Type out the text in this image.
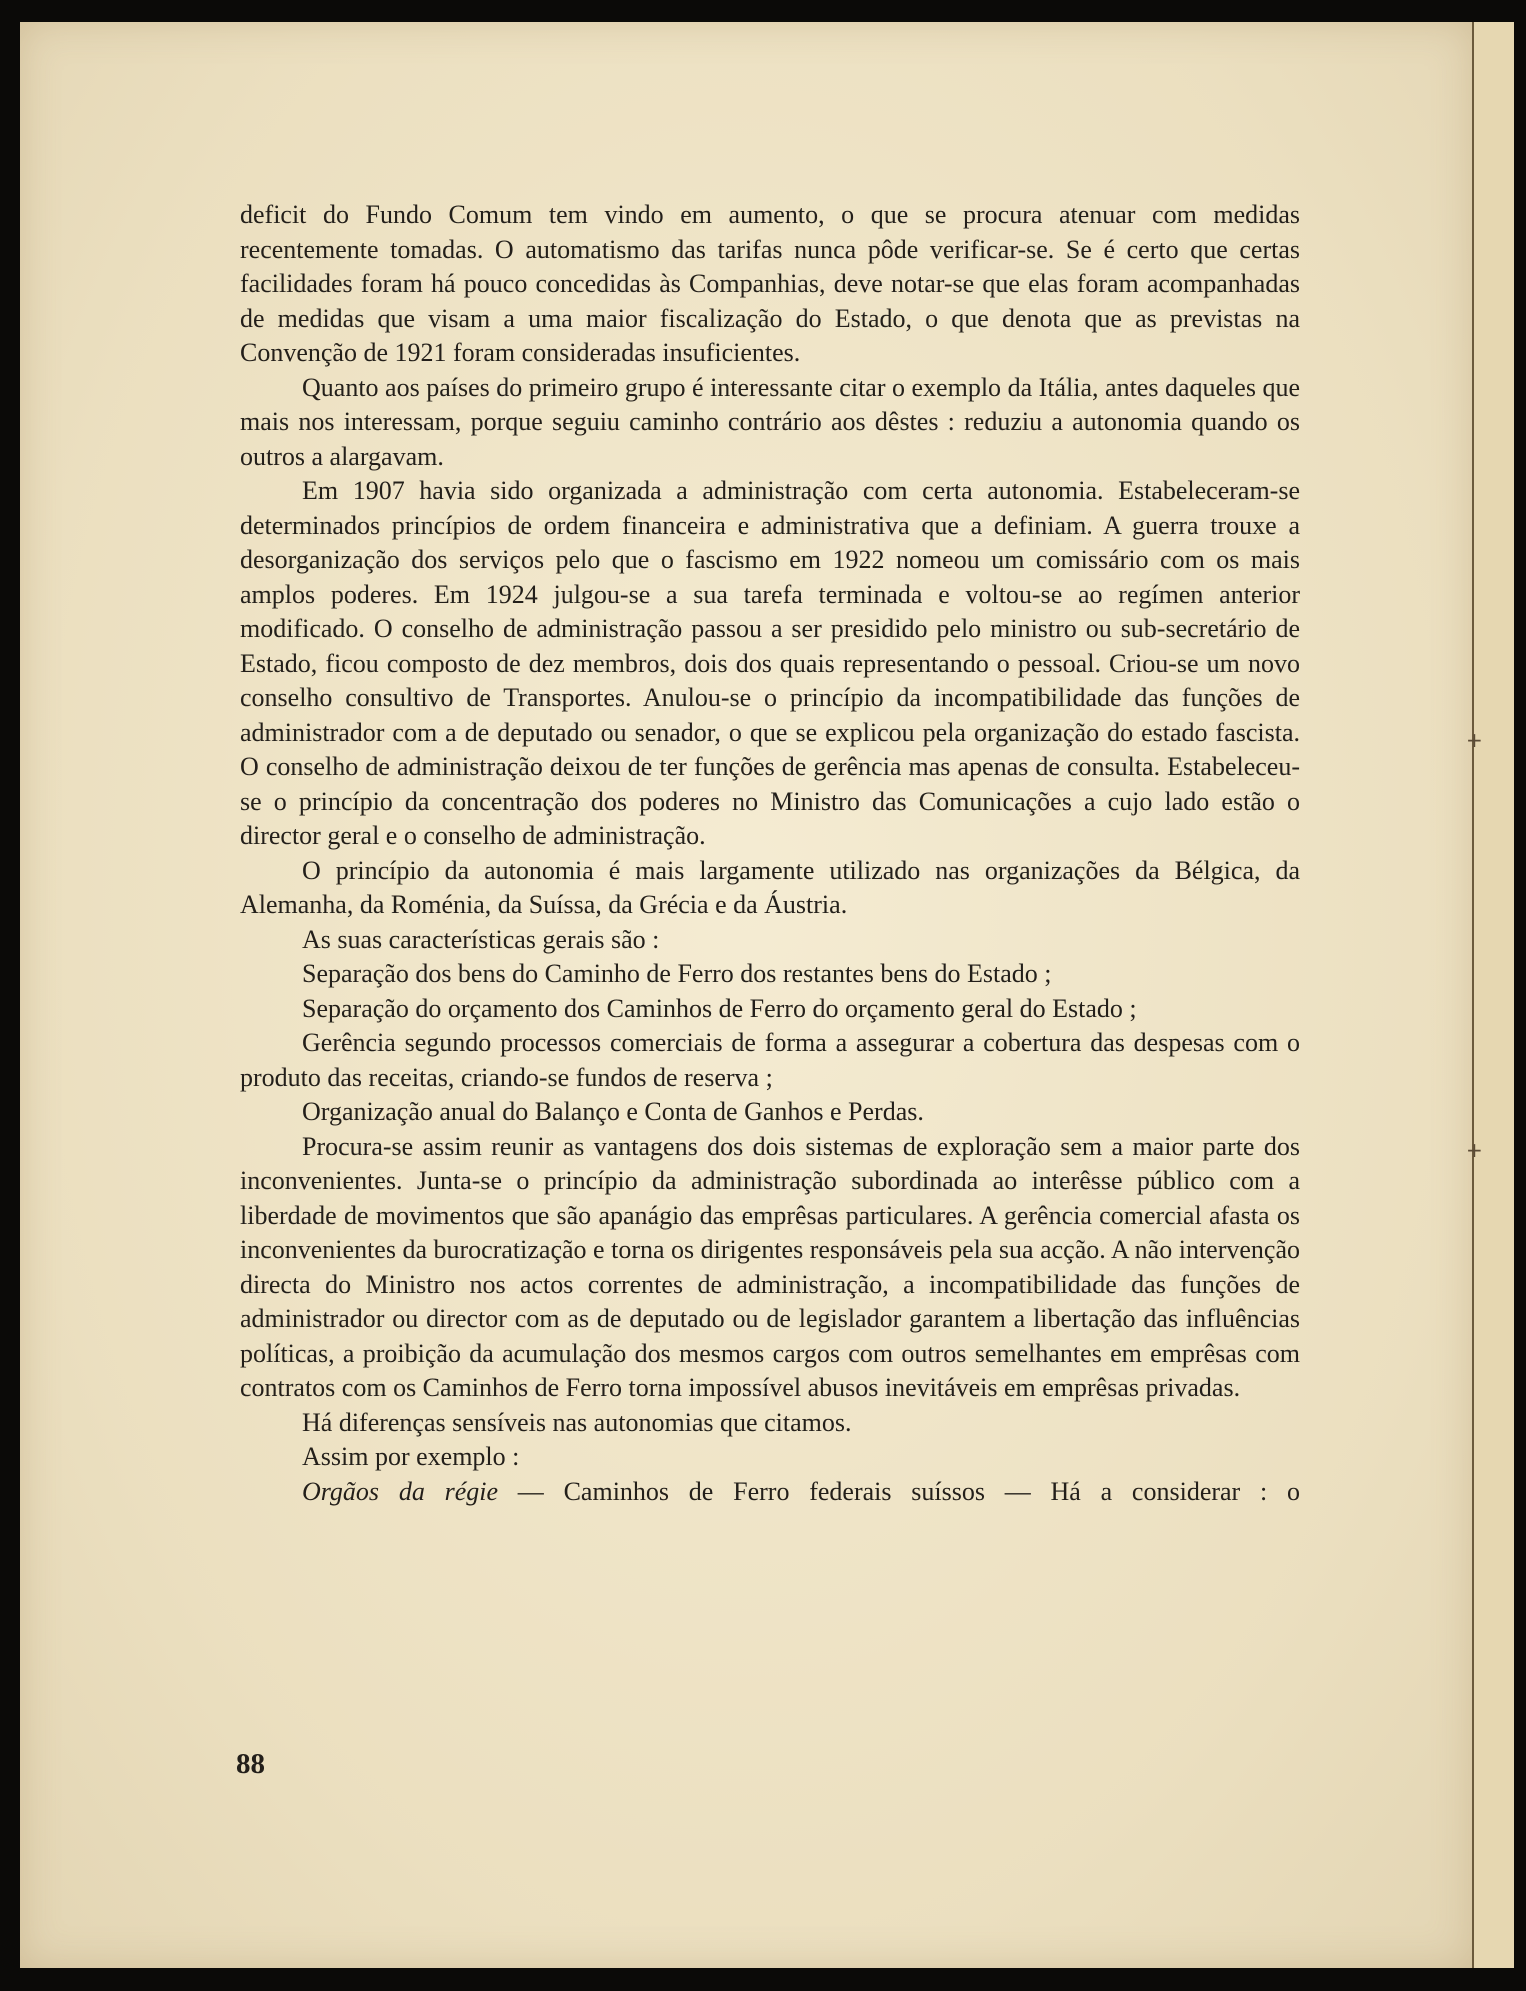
+
+

deficit do Fundo Comum tem vindo em aumento, o que se procura atenuar com medidas recentemente tomadas. O automatismo das tarifas nunca pôde verificar-se. Se é certo que certas facilidades foram há pouco concedidas às Companhias, deve notar-se que elas foram acompanhadas de medidas que visam a uma maior fiscalização do Estado, o que denota que as previstas na Convenção de 1921 foram consideradas insuficientes.

Quanto aos países do primeiro grupo é interessante citar o exemplo da Itália, antes daqueles que mais nos interessam, porque seguiu caminho contrário aos dêstes : reduziu a autonomia quando os outros a alargavam.

Em 1907 havia sido organizada a administração com certa autonomia. Estabeleceram-se determinados princípios de ordem financeira e administrativa que a definiam. A guerra trouxe a desorganização dos serviços pelo que o fascismo em 1922 nomeou um comissário com os mais amplos poderes. Em 1924 julgou-se a sua tarefa terminada e voltou-se ao regímen anterior modificado. O conselho de administração passou a ser presidido pelo ministro ou sub-secretário de Estado, ficou composto de dez membros, dois dos quais representando o pessoal. Criou-se um novo conselho consultivo de Transportes. Anulou-se o princípio da incompatibilidade das funções de administrador com a de deputado ou senador, o que se explicou pela organização do estado fascista. O conselho de administração deixou de ter funções de gerência mas apenas de consulta. Estabeleceu-se o princípio da concentração dos poderes no Ministro das Comunicações a cujo lado estão o director geral e o conselho de administração.

O princípio da autonomia é mais largamente utilizado nas organizações da Bélgica, da Alemanha, da Roménia, da Suíssa, da Grécia e da Áustria.

As suas características gerais são :

Separação dos bens do Caminho de Ferro dos restantes bens do Estado ;

Separação do orçamento dos Caminhos de Ferro do orçamento geral do Estado ;

Gerência segundo processos comerciais de forma a assegurar a cobertura das despesas com o produto das receitas, criando-se fundos de reserva ;

Organização anual do Balanço e Conta de Ganhos e Perdas.

Procura-se assim reunir as vantagens dos dois sistemas de exploração sem a maior parte dos inconvenientes. Junta-se o princípio da administração subordinada ao interêsse público com a liberdade de movimentos que são apanágio das emprêsas particulares. A gerência comercial afasta os inconvenientes da burocratização e torna os dirigentes responsáveis pela sua acção. A não intervenção directa do Ministro nos actos correntes de administração, a incompatibilidade das funções de administrador ou director com as de deputado ou de legislador garantem a libertação das influências políticas, a proibição da acumulação dos mesmos cargos com outros semelhantes em emprêsas com contratos com os Caminhos de Ferro torna impossível abusos inevitáveis em emprêsas privadas.

Há diferenças sensíveis nas autonomias que citamos.

Assim por exemplo :

Orgãos da régie — Caminhos de Ferro federais suíssos — Há a considerar : o

88
